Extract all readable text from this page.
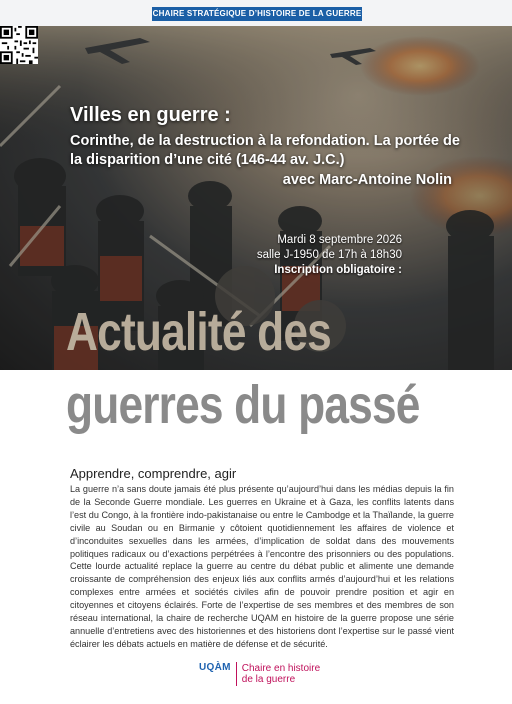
CHAIRE STRATÉGIQUE D’HISTOIRE DE LA GUERRE
Villes en guerre :
Corinthe, de la destruction à la refondation. La portée de la disparition d’une cité (146-44 av. J.C.)
avec Marc-Antoine Nolin
Mardi 8 septembre 2026
salle J-1950 de 17h à 18h30
Inscription obligatoire :
Actualité des
guerres du passé
Apprendre, comprendre, agir
La guerre n’a sans doute jamais été plus présente qu’aujourd’hui dans les médias depuis la fin de la Seconde Guerre mondiale. Les guerres en Ukraine et à Gaza, les conflits latents dans l’est du Congo, à la frontière indo-pakistanaise ou entre le Cambodge et la Thaïlande, la guerre civile au Soudan ou en Birmanie y côtoient quotidiennement les affaires de violence et d’inconduites sexuelles dans les armées, d’implication de soldat dans des mouvements politiques radicaux ou d’exactions perpétrées à l’encontre des prisonniers ou des populations. Cette lourde actualité replace la guerre au centre du débat public et alimente une demande croissante de compréhension des enjeux liés aux conflits armés d’aujourd’hui et les relations complexes entre armées et sociétés civiles afin de pouvoir prendre position et agir en citoyennes et citoyens éclairés. Forte de l’expertise de ses membres et des membres de son réseau international, la chaire de recherche UQAM en histoire de la guerre propose une série annuelle d’entretiens avec des historiennes et des historiens dont l’expertise sur le passé vient éclairer les débats actuels en matière de défense et de sécurité.
UQÀM	Chaire en histoire
de la guerre
